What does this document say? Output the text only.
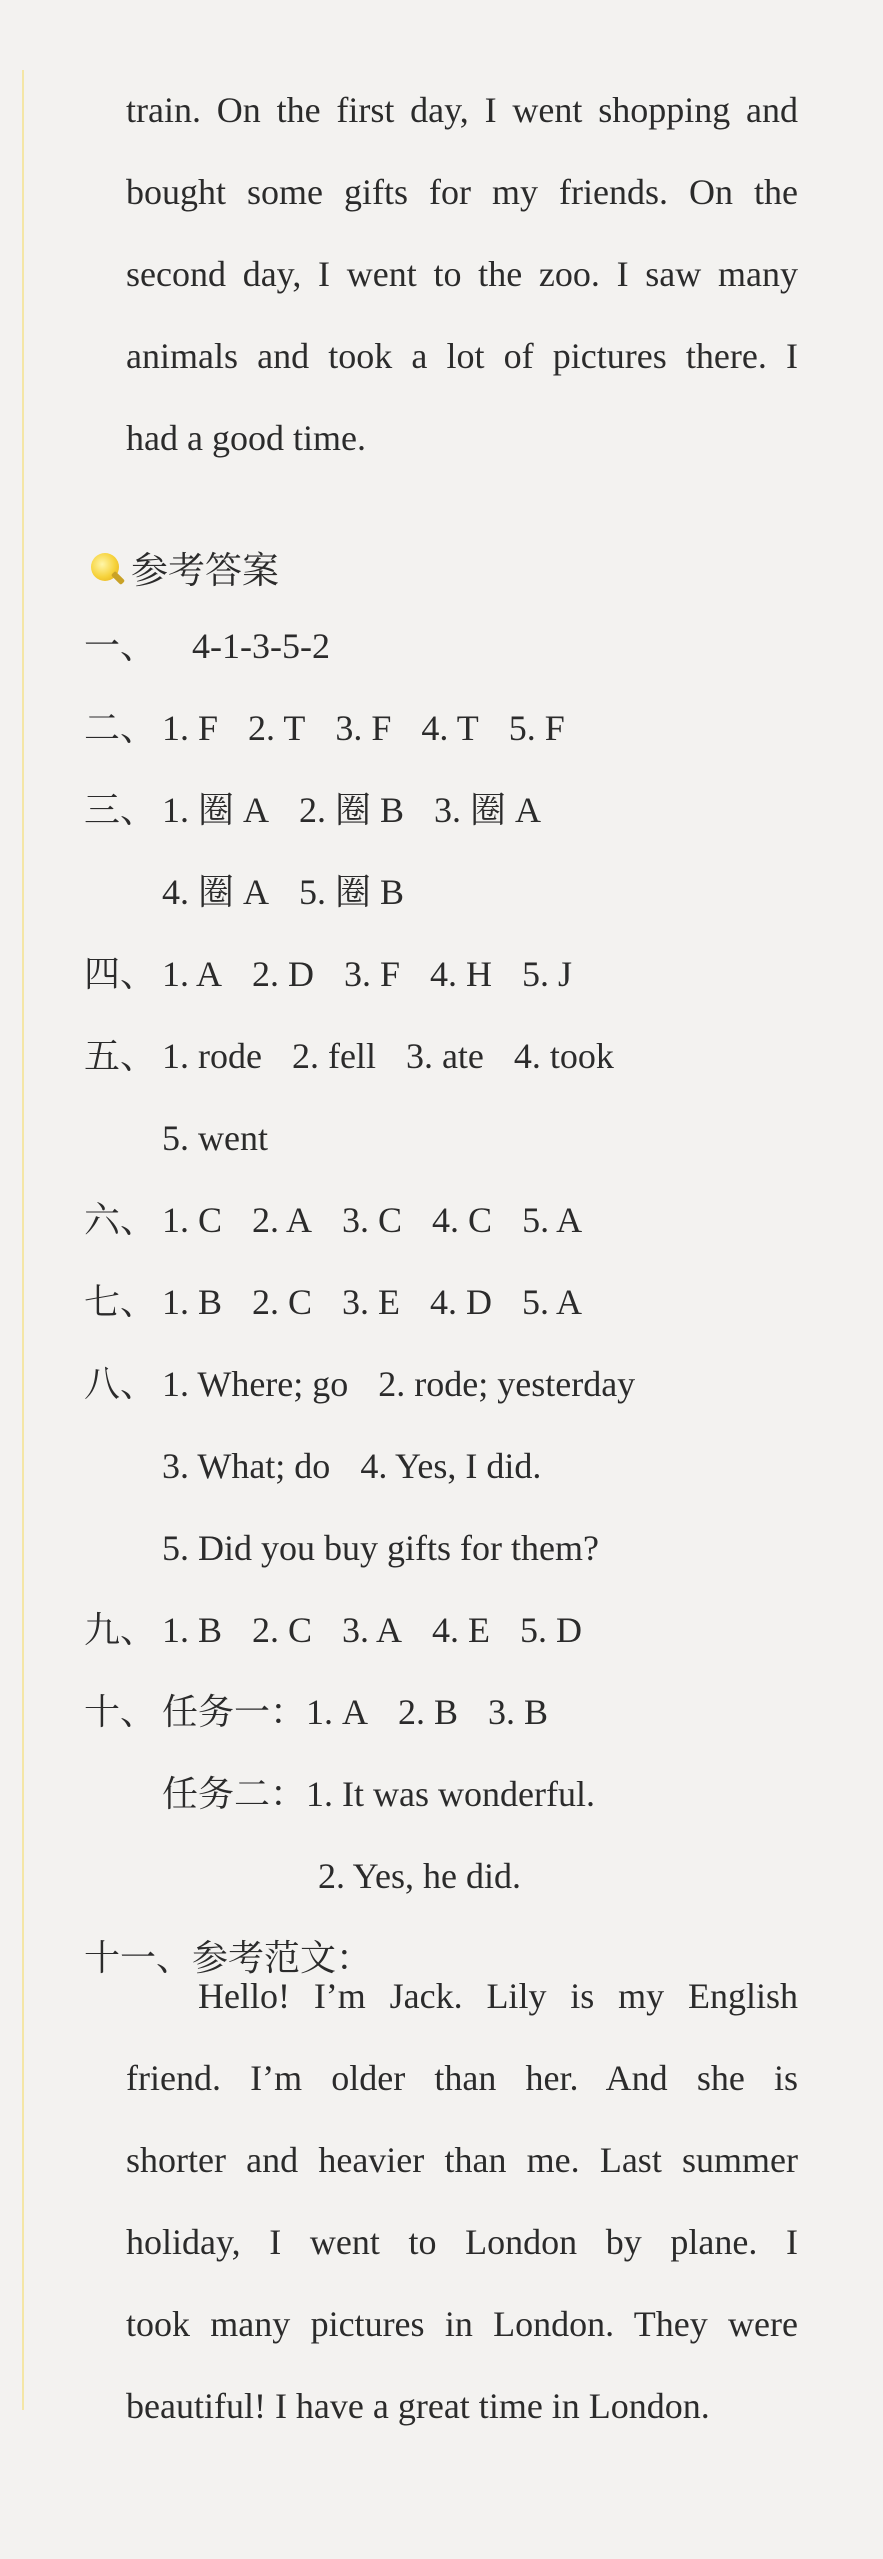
train. On the first day, I went shopping and
bought some gifts for my friends. On the
second day, I went to the zoo. I saw many
animals and took a lot of pictures there. I
had a good time.

参考答案

一、 4-1-3-5-2

二、 1. F 2. T 3. F 4. T 5. F

三、 1. 圈 A 2. 圈 B 3. 圈 A

4. 圈 A 5. 圈 B

四、 1. A 2. D 3. F 4. H 5. J

五、 1. rode 2. fell 3. ate 4. took

5. went

六、 1. C 2. A 3. C 4. C 5. A

七、 1. B 2. C 3. E 4. D 5. A

八、 1. Where; go 2. rode; yesterday

3. What; do 4. Yes, I did.

5. Did you buy gifts for them?

九、 1. B 2. C 3. A 4. E 5. D

十、 任务一：1. A 2. B 3. B

任务二：1. It was wonderful.

2. Yes, he did.

十一、参考范文：

Hello! I’m Jack. Lily is my English
friend. I’m older than her. And she is
shorter and heavier than me. Last summer
holiday, I went to London by plane. I
took many pictures in London. They were
beautiful! I have a great time in London.
